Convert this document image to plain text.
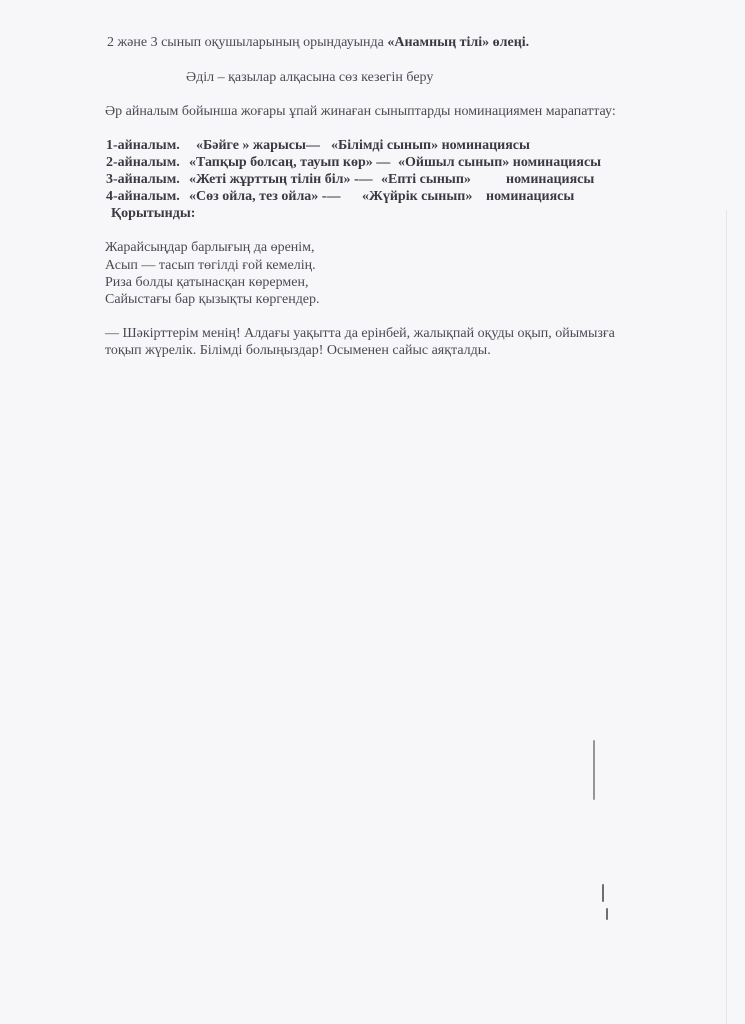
2 және 3 сынып оқушыларының орындауында «Анамның тілі» өлеңі.
Әділ – қазылар алқасына сөз кезегін беру
Әр айналым бойынша жоғары ұпай жинаған сыныптарды номинациямен марапаттау:
1-айналым. «Бәйге » жарысы— «Білімді сынып» номинациясы
2-айналым. «Тапқыр болсаң, тауып көр» — «Ойшыл сынып» номинациясы
3-айналым. «Жеті жұрттың тілін біл» -— «Епті сынып»	номинациясы
4-айналым. «Сөз ойла, тез ойла» -— «Жүйрік сынып» номинациясы
Қорытынды:
Жарайсыңдар барлығың да өренім,
Асып — тасып төгілді ғой кемелің.
Риза болды қатынасқан көрермен,
Сайыстағы бар қызықты көргендер.
— Шәкірттерім менің! Алдағы уақытта да ерінбей, жалықпай оқуды оқып, ойымызға
тоқып жүрелік. Білімді болыңыздар! Осыменен сайыс аяқталды.
